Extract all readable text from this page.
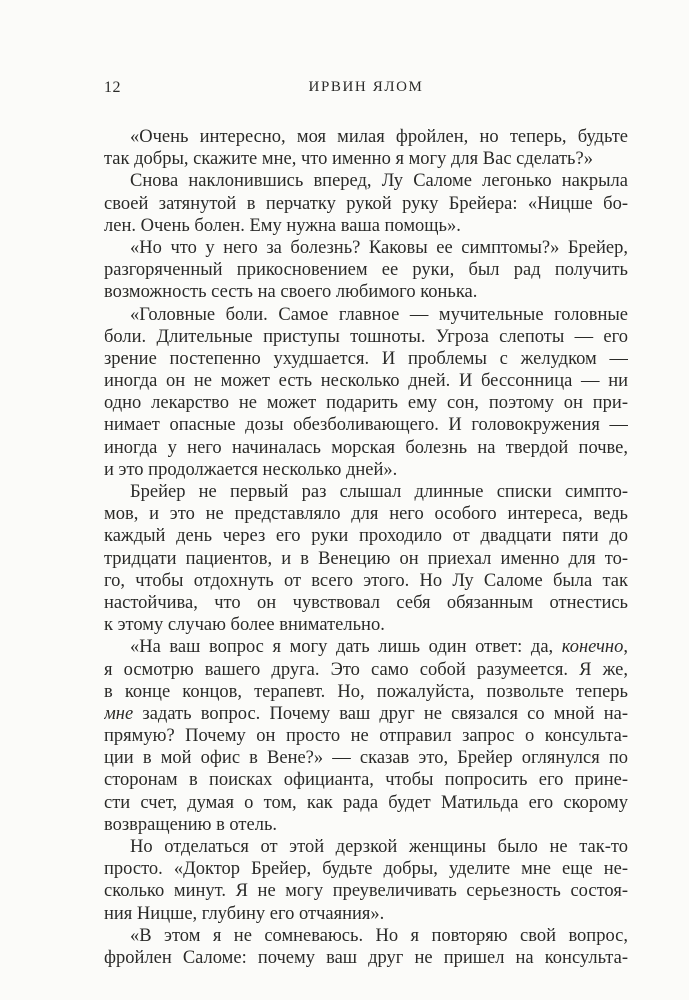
12	ИРВИН ЯЛОМ
«Очень интересно, моя милая фройлен, но теперь, будьте
так добры, скажите мне, что именно я могу для Вас сделать?»
Снова наклонившись вперед, Лу Саломе легонько накрыла
своей затянутой в перчатку рукой руку Брейера: «Ницше бо-
лен. Очень болен. Ему нужна ваша помощь».
«Но что у него за болезнь? Каковы ее симптомы?» Брейер,
разгоряченный прикосновением ее руки, был рад получить
возможность сесть на своего любимого конька.
«Головные боли. Самое главное — мучительные головные
боли. Длительные приступы тошноты. Угроза слепоты — его
зрение постепенно ухудшается. И проблемы с желудком —
иногда он не может есть несколько дней. И бессонница — ни
одно лекарство не может подарить ему сон, поэтому он при-
нимает опасные дозы обезболивающего. И головокружения —
иногда у него начиналась морская болезнь на твердой почве,
и это продолжается несколько дней».
Брейер не первый раз слышал длинные списки симпто-
мов, и это не представляло для него особого интереса, ведь
каждый день через его руки проходило от двадцати пяти до
тридцати пациентов, и в Венецию он приехал именно для то-
го, чтобы отдохнуть от всего этого. Но Лу Саломе была так
настойчива, что он чувствовал себя обязанным отнестись
к этому случаю более внимательно.
«На ваш вопрос я могу дать лишь один ответ: да, конечно,
я осмотрю вашего друга. Это само собой разумеется. Я же,
в конце концов, терапевт. Но, пожалуйста, позвольте теперь
мне задать вопрос. Почему ваш друг не связался со мной на-
прямую? Почему он просто не отправил запрос о консульта-
ции в мой офис в Вене?» — сказав это, Брейер оглянулся по
сторонам в поисках официанта, чтобы попросить его прине-
сти счет, думая о том, как рада будет Матильда его скорому
возвращению в отель.
Но отделаться от этой дерзкой женщины было не так-то
просто. «Доктор Брейер, будьте добры, уделите мне еще не-
сколько минут. Я не могу преувеличивать серьезность состоя-
ния Ницше, глубину его отчаяния».
«В этом я не сомневаюсь. Но я повторяю свой вопрос,
фройлен Саломе: почему ваш друг не пришел на консульта-
